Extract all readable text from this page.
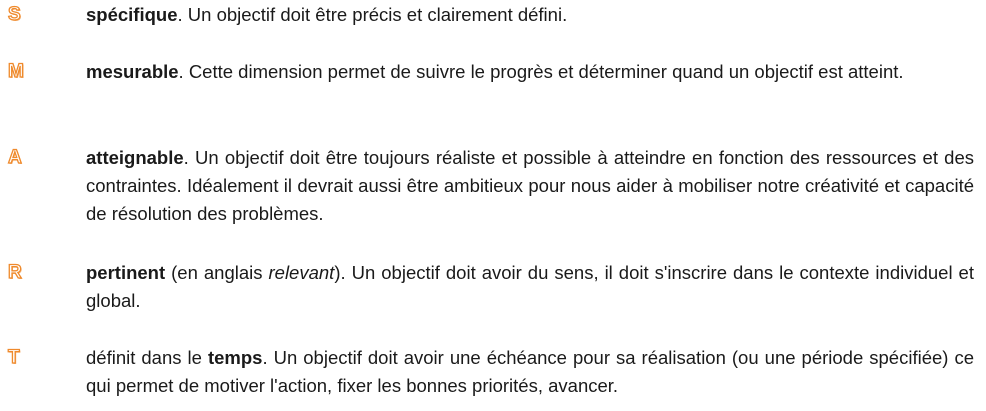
S	spécifique. Un objectif doit être précis et clairement défini.
M	mesurable. Cette dimension permet de suivre le progrès et déterminer quand un objectif est atteint.
A	atteignable. Un objectif doit être toujours réaliste et possible à atteindre en fonction des ressources et des contraintes. Idéalement il devrait aussi être ambitieux pour nous aider à mobiliser notre créativité et capacité de résolution des problèmes.
R	pertinent (en anglais relevant). Un objectif doit avoir du sens, il doit s'inscrire dans le contexte individuel et global.
T	définit dans le temps. Un objectif doit avoir une échéance pour sa réalisation (ou une période spécifiée) ce qui permet de motiver l'action, fixer les bonnes priorités, avancer.
